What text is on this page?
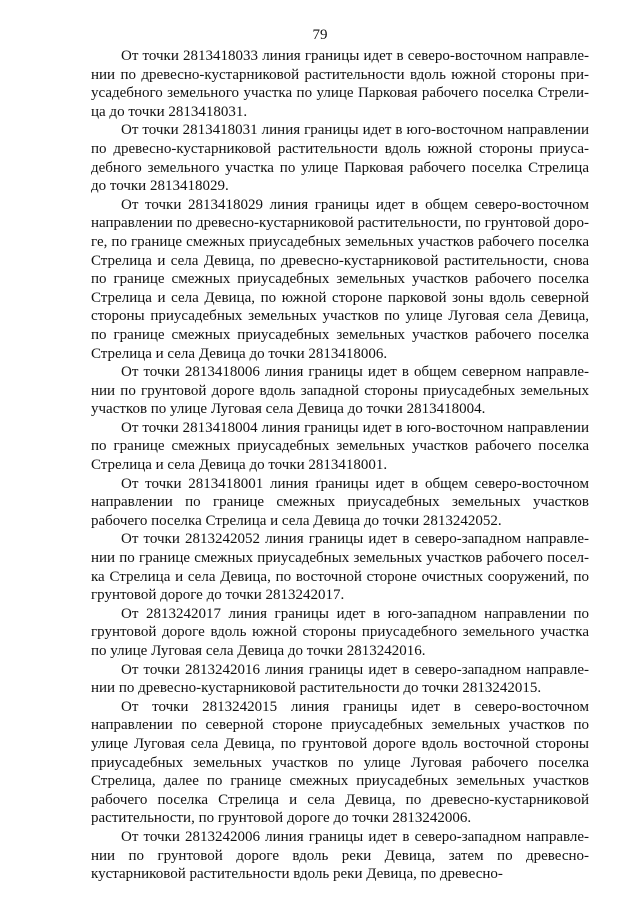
79

От точки 2813418033 линия границы идет в северо-восточном направлении по древесно-кустарниковой растительности вдоль южной стороны приусадебного земельного участка по улице Парковая рабочего поселка Стрелица до точки 2813418031.

От точки 2813418031 линия границы идет в юго-восточном направлении по древесно-кустарниковой растительности вдоль южной стороны приусадебного земельного участка по улице Парковая рабочего поселка Стрелица до точки 2813418029.

От точки 2813418029 линия границы идет в общем северо-восточном направлении по древесно-кустарниковой растительности, по грунтовой дороге, по границе смежных приусадебных земельных участков рабочего поселка Стрелица и села Девица, по древесно-кустарниковой растительности, снова по границе смежных приусадебных земельных участков рабочего поселка Стрелица и села Девица, по южной стороне парковой зоны вдоль северной стороны приусадебных земельных участков по улице Луговая села Девица, по границе смежных приусадебных земельных участков рабочего поселка Стрелица и села Девица до точки 2813418006.

От точки 2813418006 линия границы идет в общем северном направлении по грунтовой дороге вдоль западной стороны приусадебных земельных участков по улице Луговая села Девица до точки 2813418004.

От точки 2813418004 линия границы идет в юго-восточном направлении по границе смежных приусадебных земельных участков рабочего поселка Стрелица и села Девица до точки 2813418001.

От точки 2813418001 линия ґраницы идет в общем северо-восточном направлении по границе смежных приусадебных земельных участков рабочего поселка Стрелица и села Девица до точки 2813242052.

От точки 2813242052 линия границы идет в северо-западном направлении по границе смежных приусадебных земельных участков рабочего поселка Стрелица и села Девица, по восточной стороне очистных сооружений, по грунтовой дороге до точки 2813242017.

От 2813242017 линия границы идет в юго-западном направлении по грунтовой дороге вдоль южной стороны приусадебного земельного участка по улице Луговая села Девица до точки 2813242016.

От точки 2813242016 линия границы идет в северо-западном направлении по древесно-кустарниковой растительности до точки 2813242015.

От точки 2813242015 линия границы идет в северо-восточном направлении по северной стороне приусадебных земельных участков по улице Луговая села Девица, по грунтовой дороге вдоль восточной стороны приусадебных земельных участков по улице Луговая рабочего поселка Стрелица, далее по границе смежных приусадебных земельных участков рабочего поселка Стрелица и села Девица, по древесно-кустарниковой растительности, по грунтовой дороге до точки 2813242006.

От точки 2813242006 линия границы идет в северо-западном направлении по грунтовой дороге вдоль реки Девица, затем по древесно-кустарниковой растительности вдоль реки Девица, по древесно-
